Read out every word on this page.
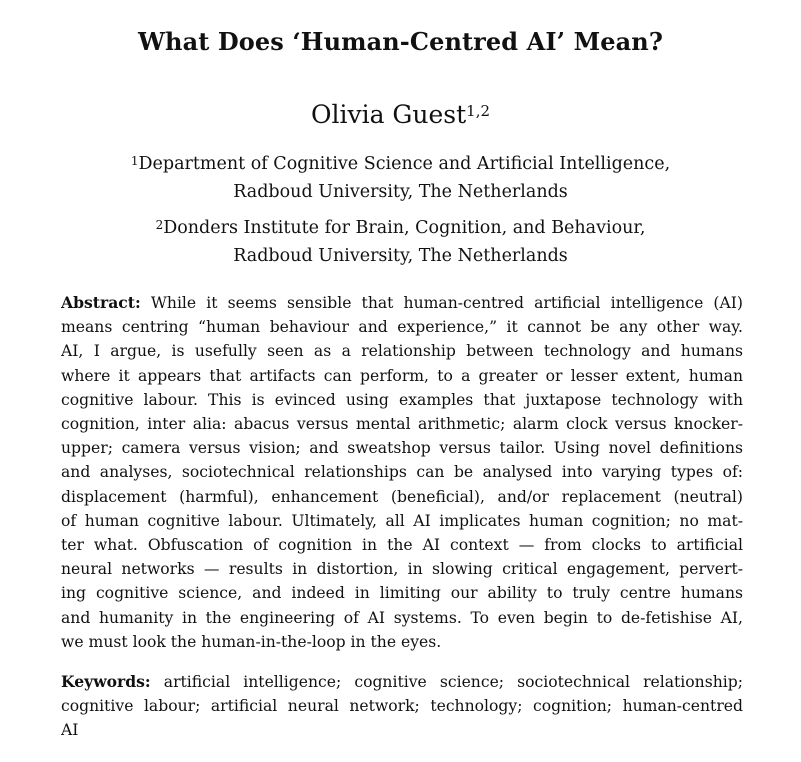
What Does ‘Human-Centred AI’ Mean?

Olivia Guest$^{1,2}$

$^1$Department of Cognitive Science and Artificial Intelligence,
Radboud University, The Netherlands

$^2$Donders Institute for Brain, Cognition, and Behaviour,
Radboud University, The Netherlands

Abstract: While it seems sensible that human-centred artificial intelligence (AI)
means centring “human behaviour and experience,” it cannot be any other way.
AI, I argue, is usefully seen as a relationship between technology and humans
where it appears that artifacts can perform, to a greater or lesser extent, human
cognitive labour. This is evinced using examples that juxtapose technology with
cognition, inter alia: abacus versus mental arithmetic; alarm clock versus knocker-
upper; camera versus vision; and sweatshop versus tailor. Using novel definitions
and analyses, sociotechnical relationships can be analysed into varying types of:
displacement (harmful), enhancement (beneficial), and/or replacement (neutral)
of human cognitive labour. Ultimately, all AI implicates human cognition; no mat-
ter what. Obfuscation of cognition in the AI context — from clocks to artificial
neural networks — results in distortion, in slowing critical engagement, pervert-
ing cognitive science, and indeed in limiting our ability to truly centre humans
and humanity in the engineering of AI systems. To even begin to de-fetishise AI,
we must look the human-in-the-loop in the eyes.
Keywords: artificial intelligence; cognitive science; sociotechnical relationship;
cognitive labour; artificial neural network; technology; cognition; human-centred
AI
